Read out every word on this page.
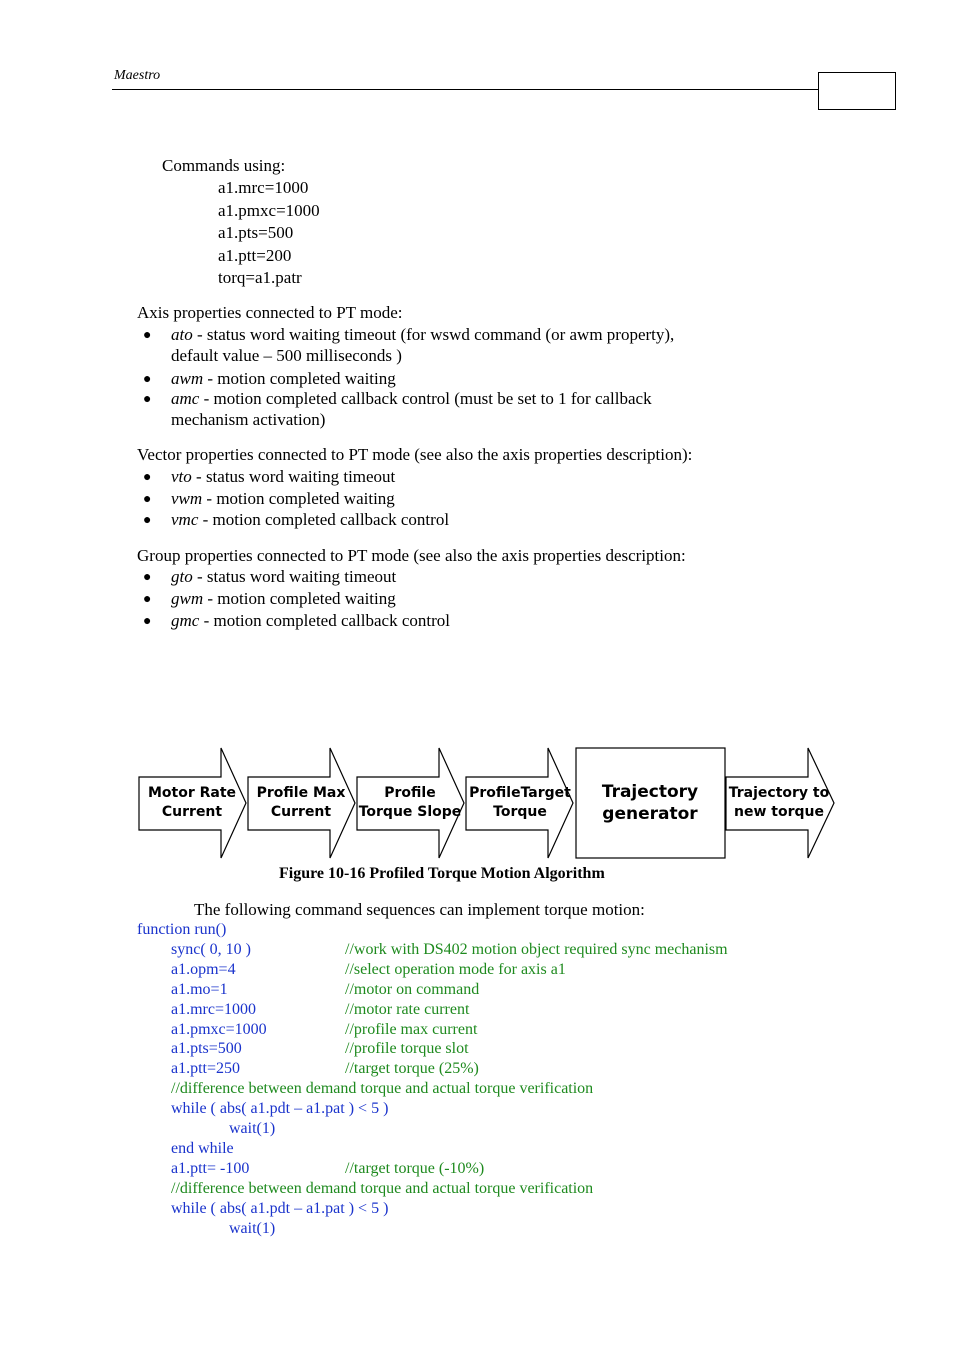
Maestro
Commands using:
a1.mrc=1000
a1.pmxc=1000
a1.pts=500
a1.ptt=200
torq=a1.patr
Axis properties connected to PT mode:
● ato - status word waiting timeout (for wswd command (or awm property),
default value – 500 milliseconds )
● awm - motion completed waiting
● amc - motion completed callback control (must be set to 1 for callback
mechanism activation)
Vector properties connected to PT mode (see also the axis properties description):
● vto - status word waiting timeout
● vwm - motion completed waiting
● vmc - motion completed callback control
Group properties connected to PT mode (see also the axis properties description:
● gto - status word waiting timeout
● gwm - motion completed waiting
● gmc - motion completed callback control
Motor Rate
Current
Profile Max
Current
Profile
Torque Slope
ProfileTarget
Torque
Trajectory
generator
Trajectory to
new torque
Figure 10-16 Profiled Torque Motion Algorithm
The following command sequences can implement torque motion:
function run()
sync( 0, 10 )	//work with DS402 motion object required sync mechanism
a1.opm=4	//select operation mode for axis a1
a1.mo=1	//motor on command
a1.mrc=1000	//motor rate current
a1.pmxc=1000	//profile max current
a1.pts=500	//profile torque slot
a1.ptt=250	//target torque (25%)
//difference between demand torque and actual torque verification
while ( abs( a1.pdt – a1.pat ) < 5 )
wait(1)
end while
a1.ptt= -100	//target torque (-10%)
//difference between demand torque and actual torque verification
while ( abs( a1.pdt – a1.pat ) < 5 )
wait(1)
